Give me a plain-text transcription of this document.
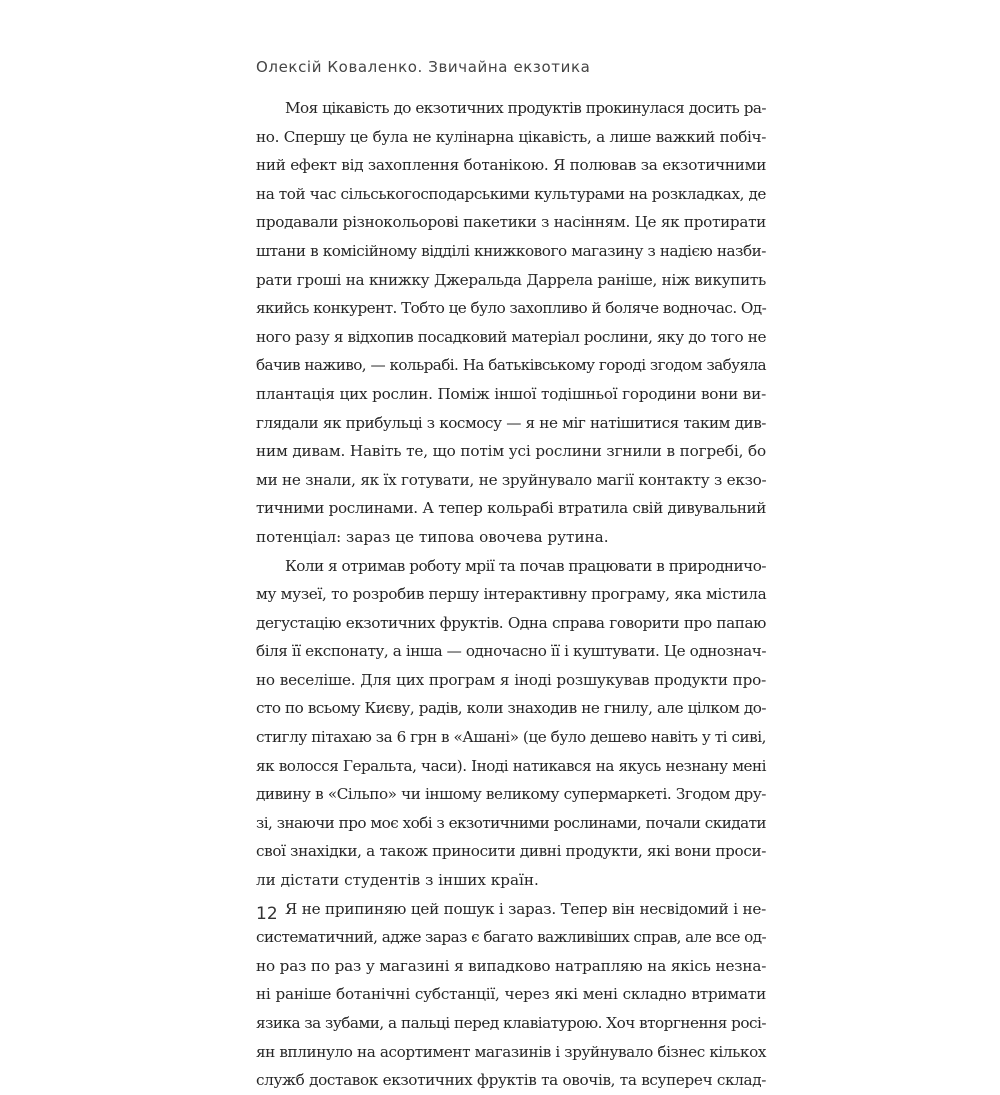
Олексій Коваленко. Звичайна екзотика
Моя цікавість до екзотичних продуктів прокинулася досить ра-
но. Спершу це була не кулінарна цікавість, а лише важкий побіч-
ний ефект від захоплення ботанікою. Я полював за екзотичними
на той час сільськогосподарськими культурами на розкладках, де
продавали різнокольорові пакетики з насінням. Це як протирати
штани в комісійному відділі книжкового магазину з надією назби-
рати гроші на книжку Джеральда Даррела раніше, ніж викупить
якийсь конкурент. Тобто це було захопливо й боляче водночас. Од-
ного разу я відхопив посадковий матеріал рослини, яку до того не
бачив наживо, — кольрабі. На батьківському городі згодом забуяла
плантація цих рослин. Поміж іншої тодішньої городини вони ви-
глядали як прибульці з космосу — я не міг натішитися таким див-
ним дивам. Навіть те, що потім усі рослини згнили в погребі, бо
ми не знали, як їх готувати, не зруйнувало магії контакту з екзо-
тичними рослинами. А тепер кольрабі втратила свій дивувальний
потенціал: зараз це типова овочева рутина.
Коли я отримав роботу мрії та почав працювати в природничо-
му музеї, то розробив першу інтерактивну програму, яка містила
дегустацію екзотичних фруктів. Одна справа говорити про папаю
біля її експонату, а інша — одночасно її і куштувати. Це однознач-
но веселіше. Для цих програм я іноді розшукував продукти про-
сто по всьому Києву, радів, коли знаходив не гнилу, але цілком до-
стиглу пітахаю за 6 грн в «Ашані» (це було дешево навіть у ті сиві,
як волосся Геральта, часи). Іноді натикався на якусь незнану мені
дивину в «Сільпо» чи іншому великому супермаркеті. Згодом дру-
зі, знаючи про моє хобі з екзотичними рослинами, почали скидати
свої знахідки, а також приносити дивні продукти, які вони проси-
ли дістати студентів з інших країн.
Я не припиняю цей пошук і зараз. Тепер він несвідомий і не-
систематичний, адже зараз є багато важливіших справ, але все од-
но раз по раз у магазині я випадково натрапляю на якісь незна-
ні раніше ботанічні субстанції, через які мені складно втримати
язика за зубами, а пальці перед клавіатурою. Хоч вторгнення росі-
ян вплинуло на асортимент магазинів і зруйнувало бізнес кількох
служб доставок екзотичних фруктів та овочів, та всупереч склад-
12
